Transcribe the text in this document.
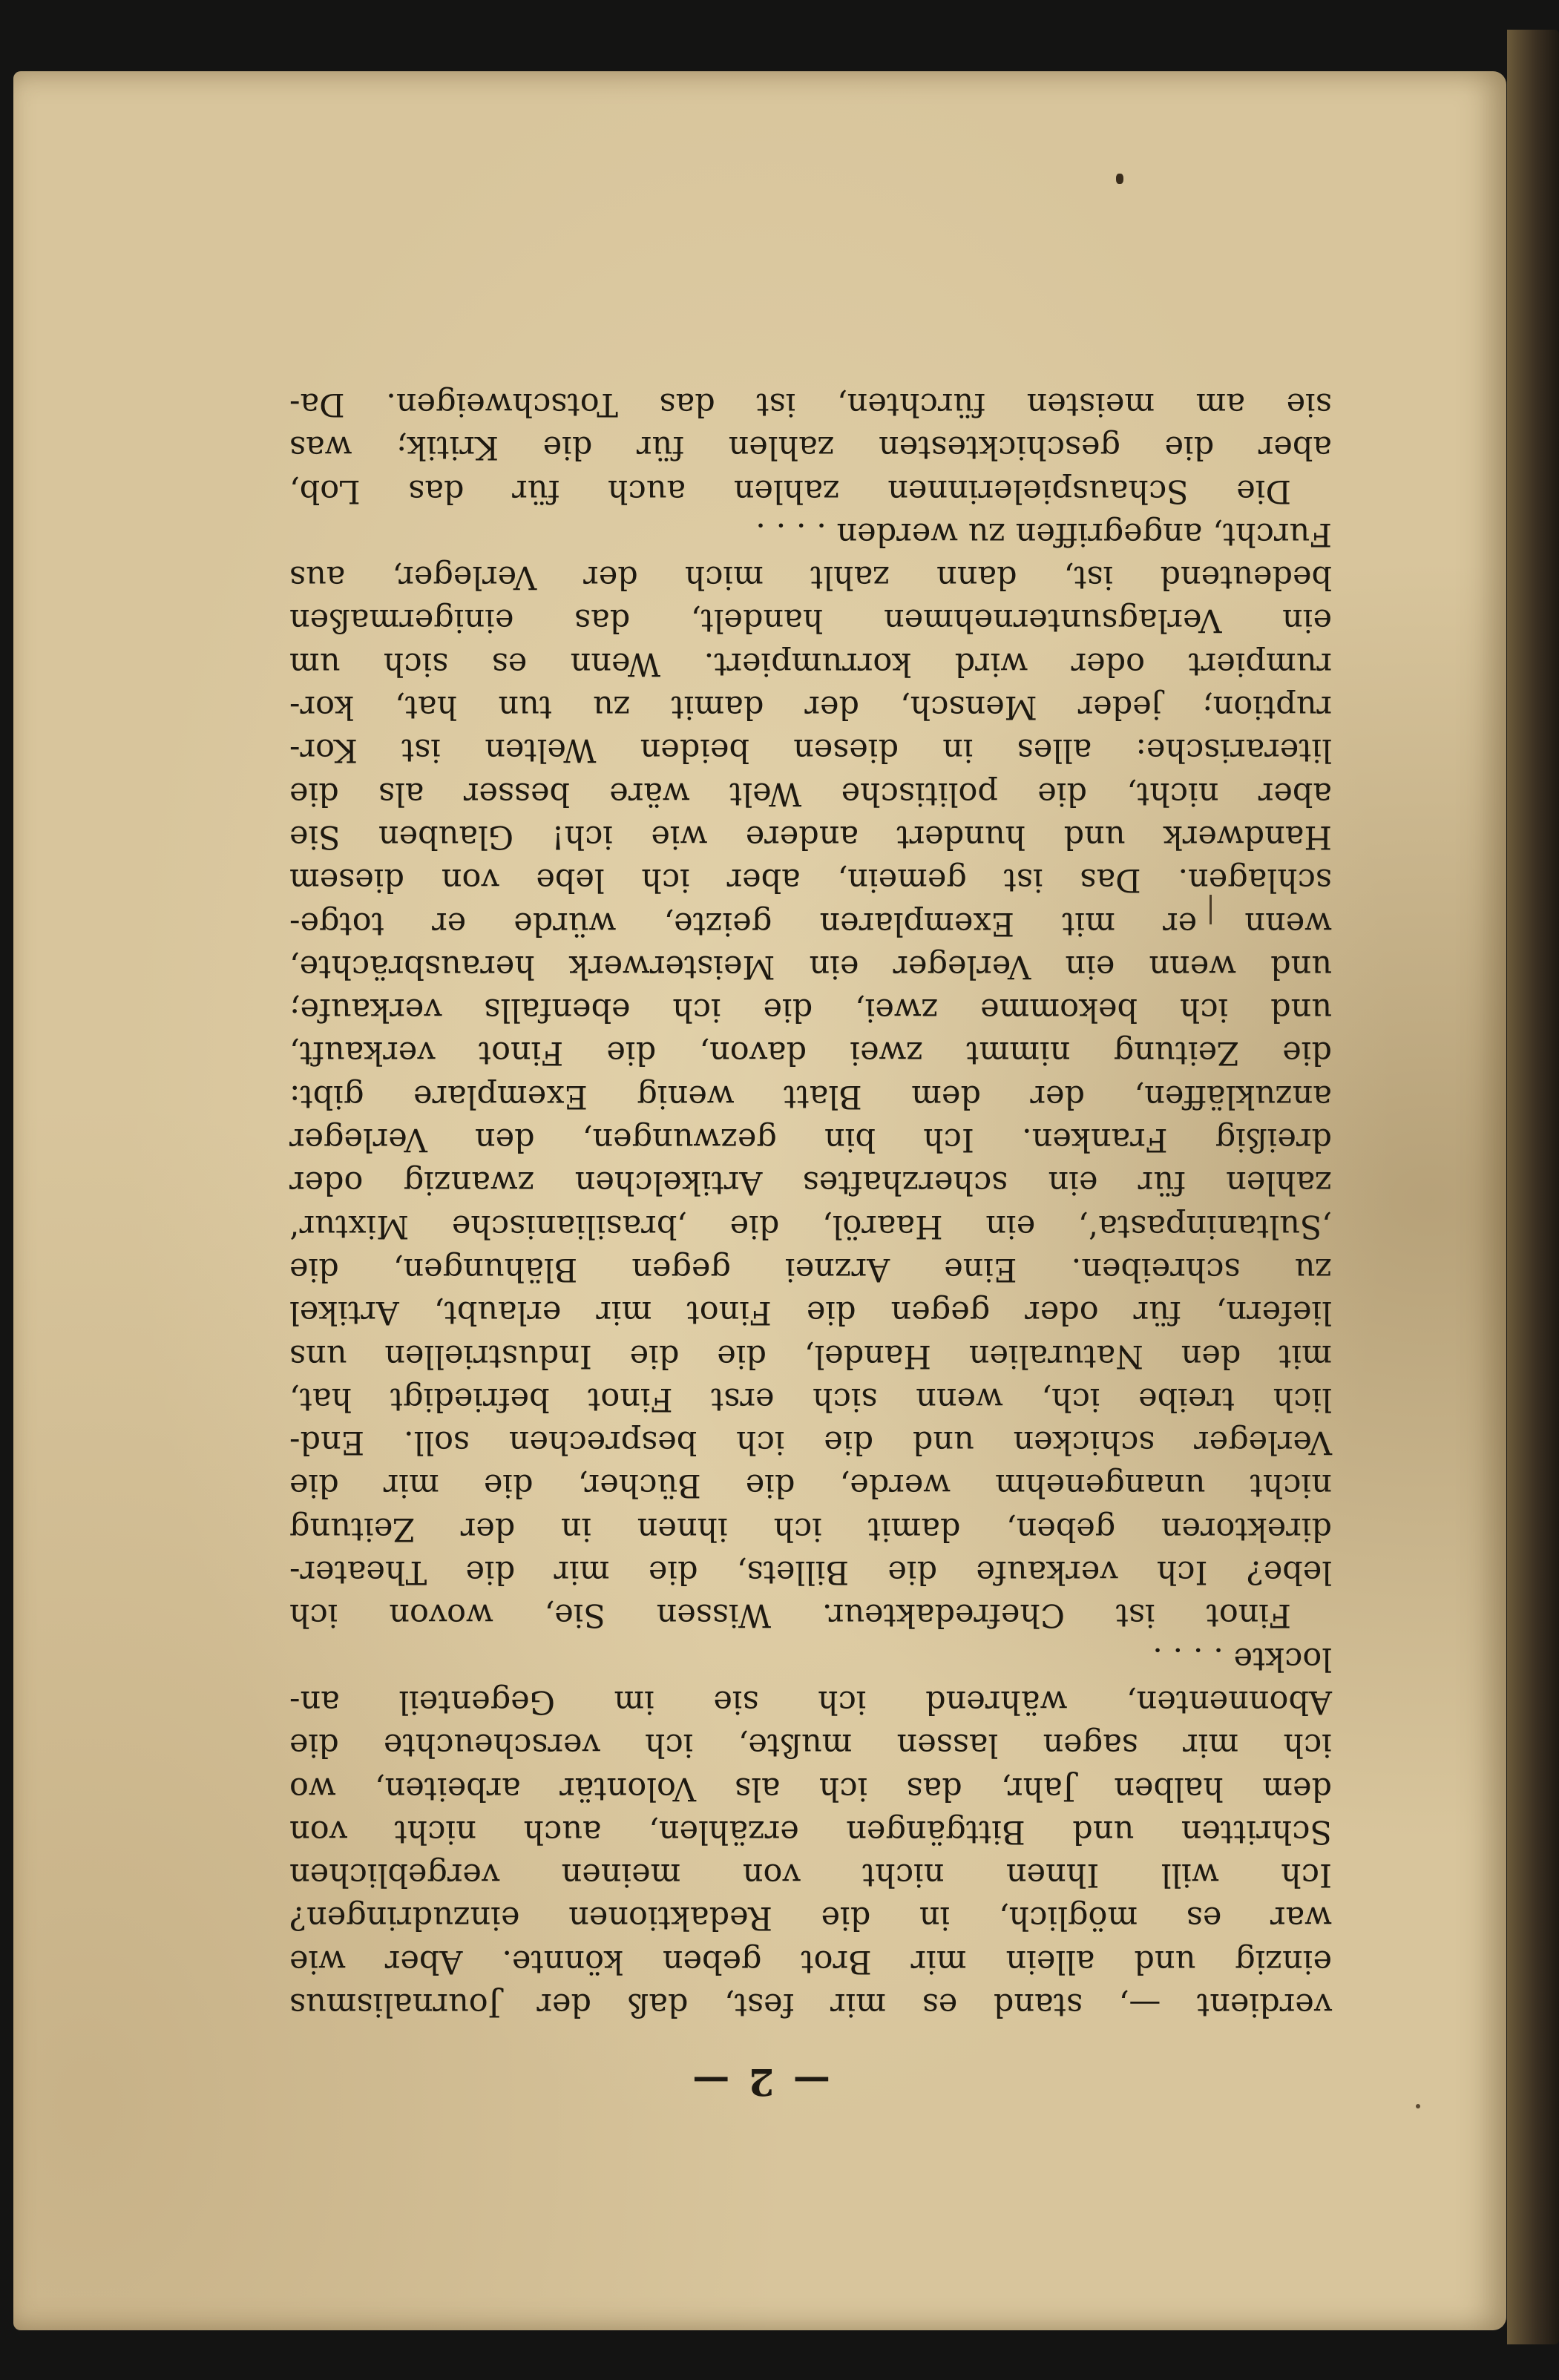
— 2 —
verdient —, stand es mir fest, daß der Journalismus
einzig und allein mir Brot geben könnte. Aber wie
war es möglich, in die Redaktionen einzudringen?
Ich will Ihnen nicht von meinen vergeblichen
Schritten und Bittgängen erzählen, auch nicht von
dem halben Jahr, das ich als Volontär arbeiten, wo
ich mir sagen lassen mußte, ich verscheuchte die
Abonnenten, während ich sie im Gegenteil an-
lockte . . . .
Finot ist Chefredakteur. Wissen Sie, wovon ich
lebe? Ich verkaufe die Billets, die mir die Theater-
direktoren geben, damit ich ihnen in der Zeitung
nicht unangenehm werde, die Bücher, die mir die
Verleger schicken und die ich besprechen soll. End-
lich treibe ich, wenn sich erst Finot befriedigt hat,
mit den Naturalien Handel, die die Industriellen uns
liefern, für oder gegen die Finot mir erlaubt, Artikel
zu schreiben. Eine Arznei gegen Blähungen, die
‚Sultaninpasta‘, ein Haaröl, die ‚brasilianische Mixtur‘
zahlen für ein scherzhaftes Artikelchen zwanzig oder
dreißig Franken. Ich bin gezwungen, den Verleger
anzukläffen, der dem Blatt wenig Exemplare gibt:
die Zeitung nimmt zwei davon, die Finot verkauft,
und ich bekomme zwei, die ich ebenfalls verkaufe;
und wenn ein Verleger ein Meisterwerk herausbrächte,
wenn er mit Exemplaren geizte, würde er totge-
schlagen. Das ist gemein, aber ich lebe von diesem
Handwerk und hundert andere wie ich! Glauben Sie
aber nicht, die politische Welt wäre besser als die
literarische: alles in diesen beiden Welten ist Kor-
ruption; jeder Mensch, der damit zu tun hat, kor-
rumpiert oder wird korrumpiert. Wenn es sich um
ein Verlagsunternehmen handelt, das einigermaßen
bedeutend ist, dann zahlt mich der Verleger, aus
Furcht, angegriffen zu werden . . . .
Die Schauspielerinnen zahlen auch für das Lob,
aber die geschicktesten zahlen für die Kritik; was
sie am meisten fürchten, ist das Totschweigen. Da-
